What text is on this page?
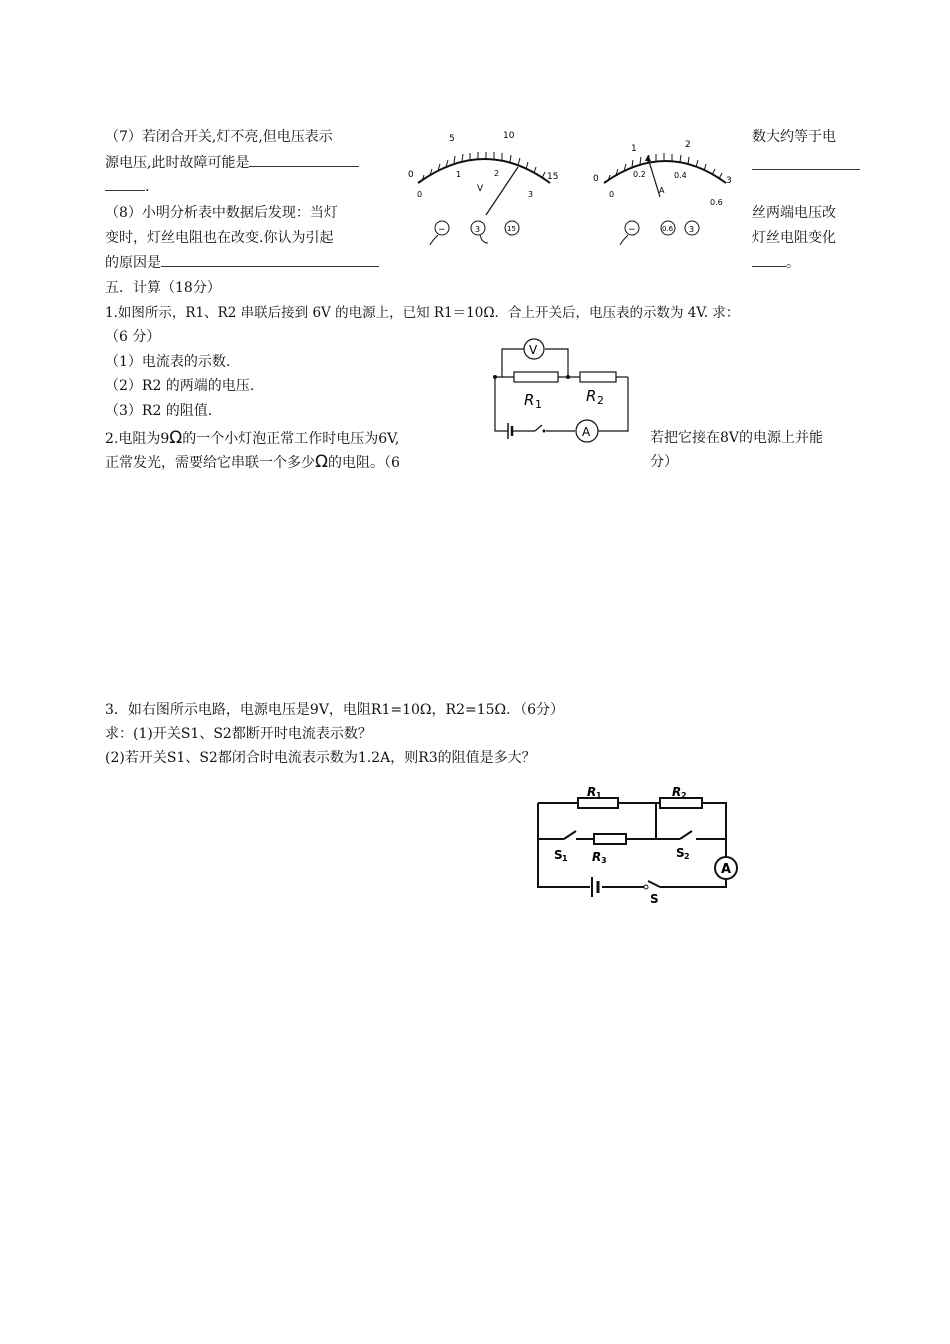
（7）若闭合开关,灯不亮,但电压表示
源电压,此时故障可能是
.
数大约等于电
（8）小明分析表中数据后发现：当灯
变时，灯丝电阻也在改变.你认为引起
的原因是
丝两端电压改
灯丝电阻变化
。
0
5	10
15
0
1	2
3
V
−	3	15
0
1	2
3
0
0.2	0.4
0.6
A
−	0.6 3
五．计算（18分）
1.如图所示，R1、R2 串联后接到 6V 的电源上，已知 R1＝10Ω．合上开关后，电压表的示数为 4V. 求：
（6 分）
（1）电流表的示数.
（2）R2 的两端的电压.
（3）R2 的阻值.
V
A
R 1	R 2
2.电阻为9Ω的一个小灯泡正常工作时电压为6V,	若把它接在8V的电源上并能
正常发光，需要给它串联一个多少Ω的电阻。（6	分）
3．如右图所示电路，电源电压是9V，电阻R1=10Ω，R2=15Ω．（6分）
求：(1)开关S1、S2都断开时电流表示数？
(2)若开关S1、S2都闭合时电流表示数为1.2A，则R3的阻值是多大？
A
R 1	R 2
R 3
S 1	S 2
S
